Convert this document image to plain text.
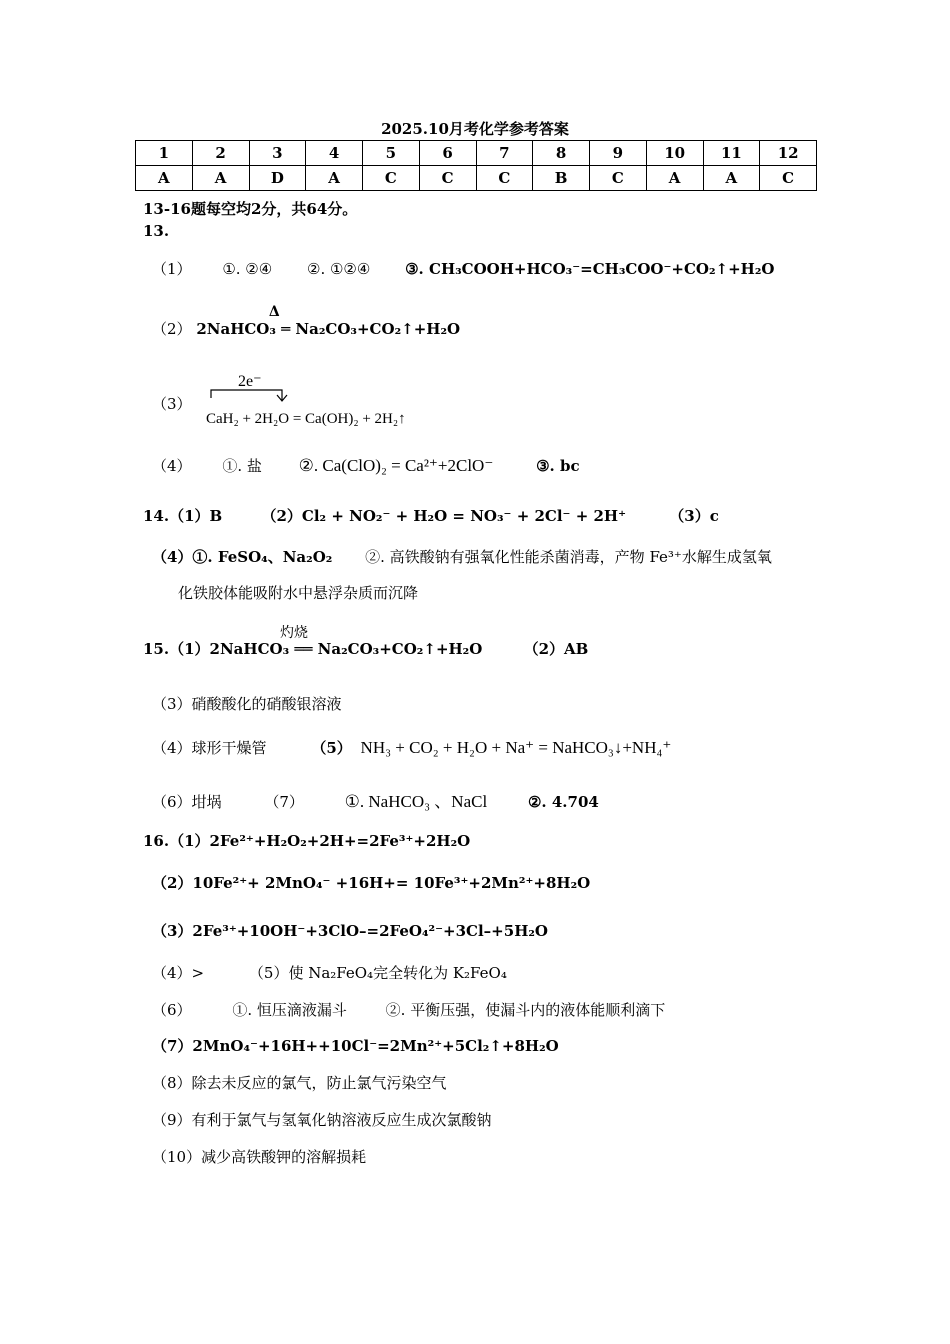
2025.10月考化学参考答案
1	2	3	4	5	6	7	8	9	10	11	12
A	A	D	A	C	C	C	B	C	A	A	C
13-16题每空均2分，共64分。
13.
（1） ①. ②④ ②. ①②④ ③. CH₃COOH+HCO₃⁻=CH₃COO⁻+CO₂↑+H₂O
（2）
Δ
2NaHCO₃ ═ Na₂CO₃+CO₂↑+H₂O
（3）
2e⁻
CaH₂ + 2H₂O = Ca(OH)₂ + 2H₂↑
（4） ①. 盐 ②. Ca(ClO)₂ = Ca²⁺+2ClO⁻	③. bc
14.（1）B	（2）Cl₂ + NO₂⁻ + H₂O = NO₃⁻ + 2Cl⁻ + 2H⁺	（3）c
（4）①. FeSO₄、Na₂O₂ ②. 高铁酸钠有强氧化性能杀菌消毒，产物 Fe³⁺水解生成氢氧
化铁胶体能吸附水中悬浮杂质而沉降
灼烧
15.（1）2NaHCO₃ ══ Na₂CO₃+CO₂↑+H₂O	（2）AB
（3）硝酸酸化的硝酸银溶液
（4）球形干燥管	（5） NH₃ + CO₂ + H₂O + Na⁺ = NaHCO₃↓+NH₄⁺
（6）坩埚	（7） ①. NaHCO₃ 、NaCl	②. 4.704
16.（1）2Fe²⁺+H₂O₂+2H+=2Fe³⁺+2H₂O
（2）10Fe²⁺+ 2MnO₄⁻ +16H+= 10Fe³⁺+2Mn²⁺+8H₂O
（3）2Fe³⁺+10OH⁻+3ClO–=2FeO₄²⁻+3Cl–+5H₂O
（4）>	（5）使 Na₂FeO₄完全转化为 K₂FeO₄
（6）	①. 恒压滴液漏斗	②. 平衡压强，使漏斗内的液体能顺利滴下
（7）2MnO₄⁻+16H++10Cl⁻=2Mn²⁺+5Cl₂↑+8H₂O
（8）除去未反应的氯气，防止氯气污染空气
（9）有利于氯气与氢氧化钠溶液反应生成次氯酸钠
（10）减少高铁酸钾的溶解损耗
